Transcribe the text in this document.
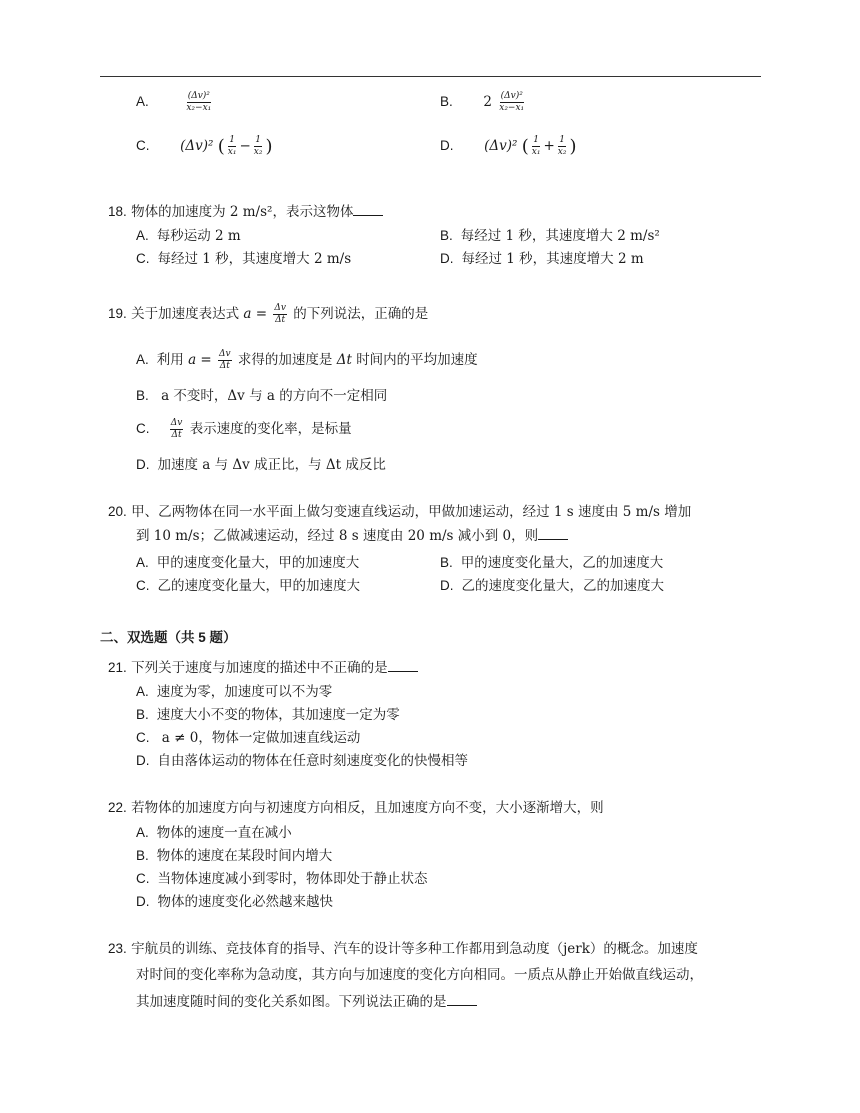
A.	$\frac{\text{(Δv)²}}{\text{x₂−x₁}}$	B. $2 \frac{\text{(Δv)²}}{\text{x₂−x₁}}$
C. (Δv)² ( $\frac{1}{\text{x₁}} - \frac{1}{\text{x₂}}$ )	D. (Δv)² ( $\frac{1}{\text{x₁}} + \frac{1}{\text{x₂}}$ )
18. 物体的加速度为 2 m/s²，表示这物体
A. 每秒运动 2 m	B. 每经过 1 秒，其速度增大 2 m/s²
C. 每经过 1 秒，其速度增大 2 m/s	D. 每经过 1 秒，其速度增大 2 m
19. 关于加速度表达式 $a = \frac{\Delta v}{\Delta t}$ 的下列说法，正确的是
A. 利用 $a = \frac{\Delta v}{\Delta t}$ 求得的加速度是 Δt 时间内的平均加速度
B. a 不变时，Δv 与 a 的方向不一定相同
C. $\frac{\Delta v}{\Delta t}$ 表示速度的变化率，是标量
D. 加速度 a 与 Δv 成正比，与 Δt 成反比
20. 甲、乙两物体在同一水平面上做匀变速直线运动，甲做加速运动，经过 1 s 速度由 5 m/s 增加
到 10 m/s；乙做减速运动，经过 8 s 速度由 20 m/s 减小到 0，则
A. 甲的速度变化量大，甲的加速度大	B. 甲的速度变化量大，乙的加速度大
C. 乙的速度变化量大，甲的加速度大	D. 乙的速度变化量大，乙的加速度大
二、双选题（共 5 题）
21. 下列关于速度与加速度的描述中不正确的是
A. 速度为零，加速度可以不为零
B. 速度大小不变的物体，其加速度一定为零
C. a ≠ 0，物体一定做加速直线运动
D. 自由落体运动的物体在任意时刻速度变化的快慢相等
22. 若物体的加速度方向与初速度方向相反，且加速度方向不变，大小逐渐增大，则
A. 物体的速度一直在减小
B. 物体的速度在某段时间内增大
C. 当物体速度减小到零时，物体即处于静止状态
D. 物体的速度变化必然越来越快
23. 宇航员的训练、竞技体育的指导、汽车的设计等多种工作都用到急动度（jerk）的概念。加速度
对时间的变化率称为急动度，其方向与加速度的变化方向相同。一质点从静止开始做直线运动，
其加速度随时间的变化关系如图。下列说法正确的是
